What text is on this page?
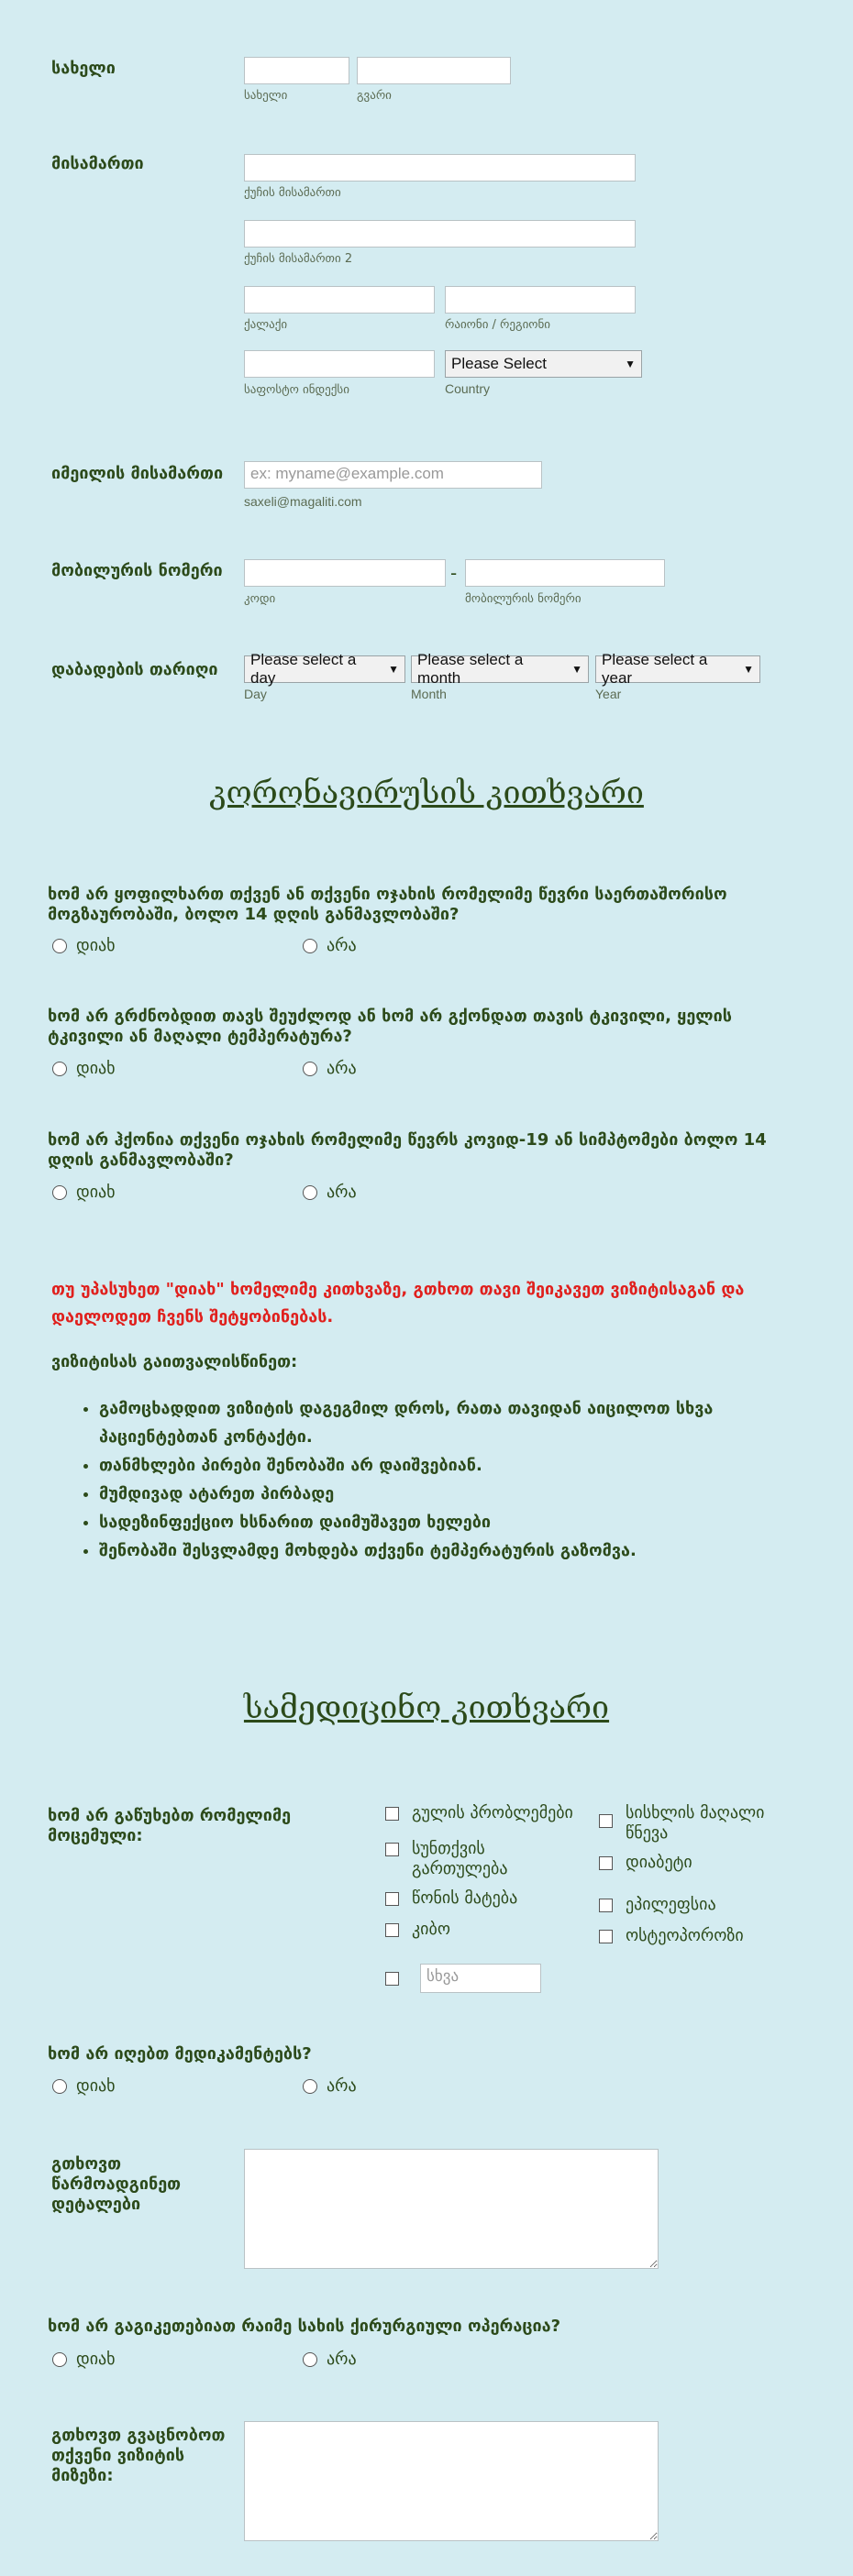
სახელი
სახელი	გვარი
მისამართი
ქუჩის მისამართი
ქუჩის მისამართი 2
ქალაქი	რაიონი / რეგიონი
Please Select	▼
საფოსტო ინდექსი	Country
იმეილის მისამართი	ex: myname@example.com
saxeli@magaliti.com
მობილურის ნომერი	-
კოდი	მობილურის ნომერი
დაბადების თარიღი
Please select a day	▼
Please select a month	▼
Please select a year	▼
Day	Month	Year
კორონავირუსის კითხვარი
ხომ არ ყოფილხართ თქვენ ან თქვენი ოჯახის რომელიმე წევრი საერთაშორისო მოგზაურობაში, ბოლო 14 დღის განმავლობაში?
დიახ	არა
ხომ არ გრძნობდით თავს შეუძლოდ ან ხომ არ გქონდათ თავის ტკივილი, ყელის ტკივილი ან მაღალი ტემპერატურა?
დიახ	არა
ხომ არ ჰქონია თქვენი ოჯახის რომელიმე წევრს კოვიდ-19 ან სიმპტომები ბოლო 14 დღის განმავლობაში?
დიახ	არა
თუ უპასუხეთ "დიახ" ხომელიმე კითხვაზე, გთხოთ თავი შეიკავეთ ვიზიტისაგან და დაელოდეთ ჩვენს შეტყობინებას.
ვიზიტისას გაითვალისწინეთ:
• გამოცხადდით ვიზიტის დაგეგმილ დროს, რათა თავიდან აიცილოთ სხვა პაციენტებთან კონტაქტი.
• თანმხლები პირები შენობაში არ დაიშვებიან.
• მუმდივად ატარეთ პირბადე
• სადეზინფექციო ხსნარით დაიმუშავეთ ხელები
• შენობაში შესვლამდე მოხდება თქვენი ტემპერატურის გაზომვა.
სამედიცინო კითხვარი
ხომ არ გაწუხებთ რომელიმე მოცემული:
გულის პრობლემები
სუნთქვის გართულება
წონის მატება
კიბო
სისხლის მაღალი წნევა
დიაბეტი
ეპილეფსია
ოსტეოპოროზი
სხვა
ხომ არ იღებთ მედიკამენტებს?
დიახ	არა
გთხოვთ წარმოადგინეთ დეტალები
ხომ არ გაგიკეთებიათ რაიმე სახის ქირურგიული ოპერაცია?
დიახ	არა
გთხოვთ გვაცნობოთ თქვენი ვიზიტის მიზეზი:
